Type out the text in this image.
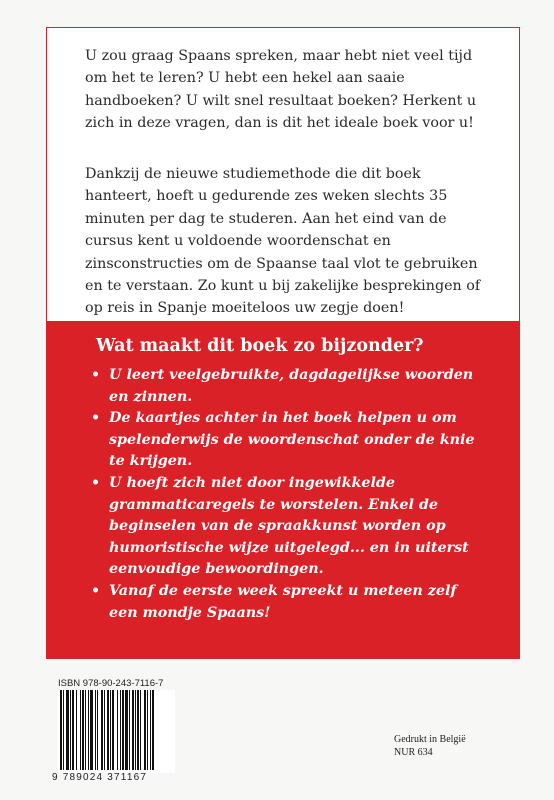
U zou graag Spaans spreken, maar hebt niet veel tijd om het te leren? U hebt een hekel aan saaie handboeken? U wilt snel resultaat boeken? Herkent u zich in deze vragen, dan is dit het ideale boek voor u!

Dankzij de nieuwe studiemethode die dit boek hanteert, hoeft u gedurende zes weken slechts 35 minuten per dag te studeren. Aan het eind van de cursus kent u voldoende woordenschat en zinsconstructies om de Spaanse taal vlot te gebruiken en te verstaan. Zo kunt u bij zakelijke besprekingen of op reis in Spanje moeiteloos uw zegje doen!

Wat maakt dit boek zo bijzonder?
• U leert veelgebruikte, dagdagelijkse woorden en zinnen.
• De kaartjes achter in het boek helpen u om spelenderwijs de woordenschat onder de knie te krijgen.
• U hoeft zich niet door ingewikkelde grammaticaregels te worstelen. Enkel de beginselen van de spraakkunst worden op humoristische wijze uitgelegd... en in uiterst eenvoudige bewoordingen.
• Vanaf de eerste week spreekt u meteen zelf een mondje Spaans!
ISBN 978-90-243-7116-7
9 789024 371167
Gedrukt in België
NUR 634
